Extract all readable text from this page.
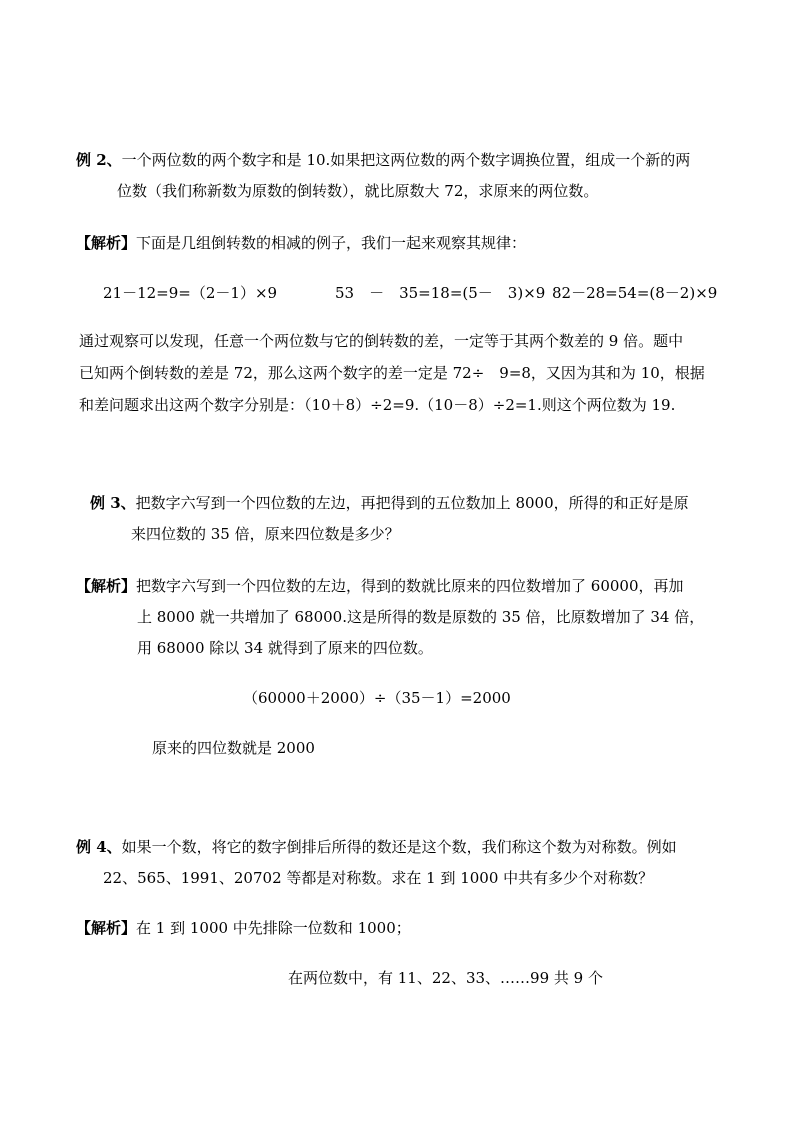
例 2、一个两位数的两个数字和是 10.如果把这两位数的两个数字调换位置，组成一个新的两
位数（我们称新数为原数的倒转数），就比原数大 72，求原来的两位数。
【解析】下面是几组倒转数的相减的例子，我们一起来观察其规律：
21－12=9=（2－1）×9	53　－　35=18=(5－　3)×9 82－28=54=(8－2)×9
通过观察可以发现，任意一个两位数与它的倒转数的差，一定等于其两个数差的 9 倍。题中
已知两个倒转数的差是 72，那么这两个数字的差一定是 72÷　9=8，又因为其和为 10，根据
和差问题求出这两个数字分别是：（10＋8）÷2=9.（10－8）÷2=1.则这个两位数为 19.
例 3、把数字六写到一个四位数的左边，再把得到的五位数加上 8000，所得的和正好是原
来四位数的 35 倍，原来四位数是多少？
【解析】把数字六写到一个四位数的左边，得到的数就比原来的四位数增加了 60000，再加
上 8000 就一共增加了 68000.这是所得的数是原数的 35 倍，比原数增加了 34 倍，
用 68000 除以 34 就得到了原来的四位数。
（60000＋2000）÷（35－1）=2000
原来的四位数就是 2000
例 4、如果一个数，将它的数字倒排后所得的数还是这个数，我们称这个数为对称数。例如
22、565、1991、20702 等都是对称数。求在 1 到 1000 中共有多少个对称数？
【解析】在 1 到 1000 中先排除一位数和 1000；
在两位数中，有 11、22、33、……99 共 9 个
